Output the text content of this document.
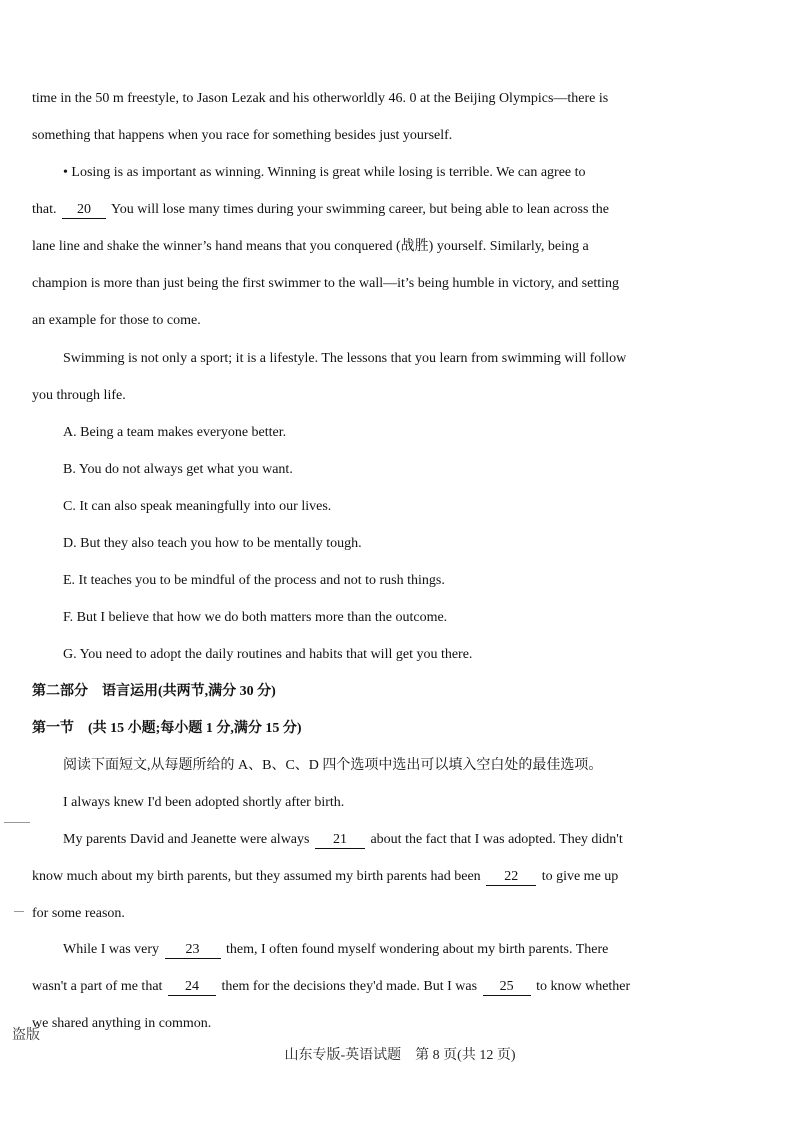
time in the 50 m freestyle, to Jason Lezak and his otherworldly 46. 0 at the Beijing Olympics—there is
something that happens when you race for something besides just yourself.
• Losing is as important as winning. Winning is great while losing is terrible. We can agree to
that. 20 You will lose many times during your swimming career, but being able to lean across the
lane line and shake the winner’s hand means that you conquered (战胜) yourself. Similarly, being a
champion is more than just being the first swimmer to the wall—it’s being humble in victory, and setting
an example for those to come.
Swimming is not only a sport; it is a lifestyle. The lessons that you learn from swimming will follow
you through life.
A. Being a team makes everyone better.
B. You do not always get what you want.
C. It can also speak meaningfully into our lives.
D. But they also teach you how to be mentally tough.
E. It teaches you to be mindful of the process and not to rush things.
F. But I believe that how we do both matters more than the outcome.
G. You need to adopt the daily routines and habits that will get you there.
第二部分　语言运用(共两节,满分 30 分)
第一节　(共 15 小题;每小题 1 分,满分 15 分)
阅读下面短文,从每题所给的 A、B、C、D 四个选项中选出可以填入空白处的最佳选项。
I always knew I'd been adopted shortly after birth.
My parents David and Jeanette were always 21 about the fact that I was adopted. They didn't
know much about my birth parents, but they assumed my birth parents had been 22 to give me up
for some reason.
While I was very 23 them, I often found myself wondering about my birth parents. There
wasn't a part of me that 24 them for the decisions they'd made. But I was 25 to know whether
we shared anything in common.
盗版
山东专版-英语试题　第 8 页(共 12 页)
